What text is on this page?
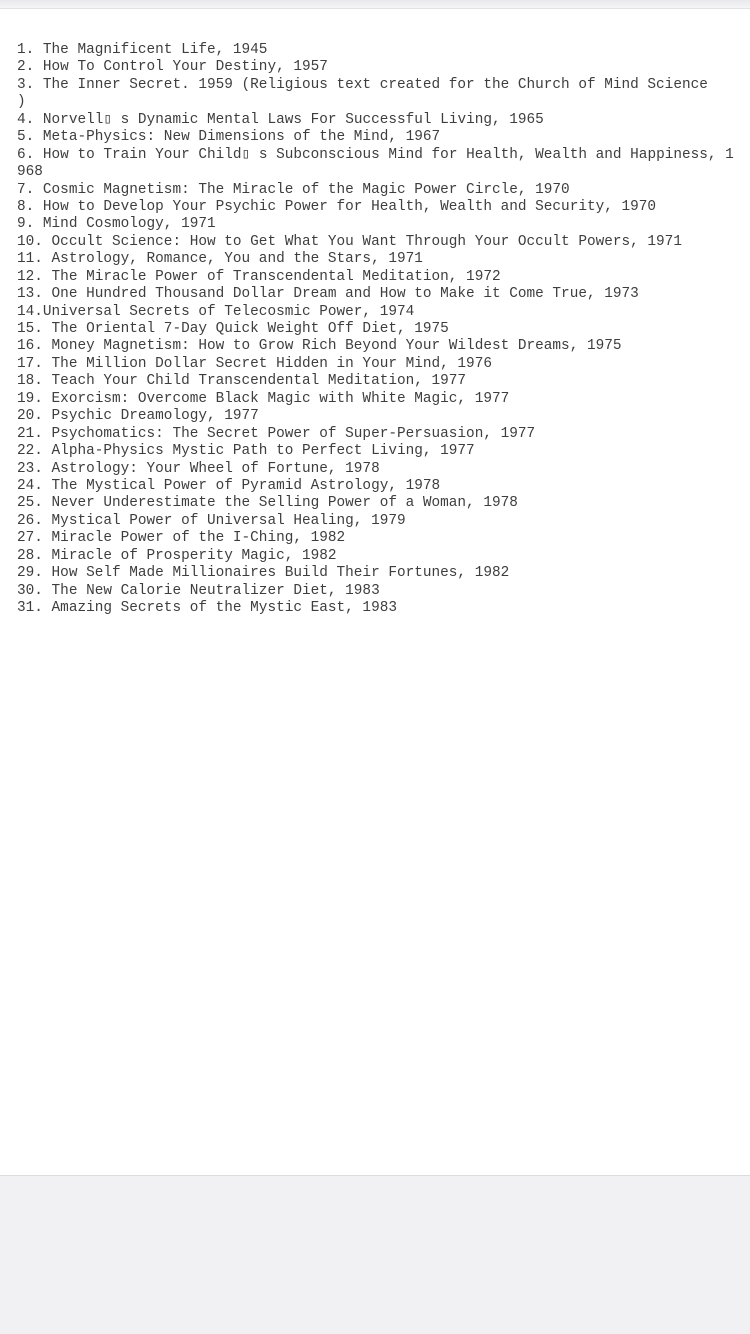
1. The Magnificent Life, 1945
2. How To Control Your Destiny, 1957
3. The Inner Secret. 1959 (Religious text created for the Church of Mind Science
)
4. Norvell▯ s Dynamic Mental Laws For Successful Living, 1965
5. Meta-Physics: New Dimensions of the Mind, 1967
6. How to Train Your Child▯ s Subconscious Mind for Health, Wealth and Happiness, 1
968
7. Cosmic Magnetism: The Miracle of the Magic Power Circle, 1970
8. How to Develop Your Psychic Power for Health, Wealth and Security, 1970
9. Mind Cosmology, 1971
10. Occult Science: How to Get What You Want Through Your Occult Powers, 1971
11. Astrology, Romance, You and the Stars, 1971
12. The Miracle Power of Transcendental Meditation, 1972
13. One Hundred Thousand Dollar Dream and How to Make it Come True, 1973
14.Universal Secrets of Telecosmic Power, 1974
15. The Oriental 7-Day Quick Weight Off Diet, 1975
16. Money Magnetism: How to Grow Rich Beyond Your Wildest Dreams, 1975
17. The Million Dollar Secret Hidden in Your Mind, 1976
18. Teach Your Child Transcendental Meditation, 1977
19. Exorcism: Overcome Black Magic with White Magic, 1977
20. Psychic Dreamology, 1977
21. Psychomatics: The Secret Power of Super-Persuasion, 1977
22. Alpha-Physics Mystic Path to Perfect Living, 1977
23. Astrology: Your Wheel of Fortune, 1978
24. The Mystical Power of Pyramid Astrology, 1978
25. Never Underestimate the Selling Power of a Woman, 1978
26. Mystical Power of Universal Healing, 1979
27. Miracle Power of the I-Ching, 1982
28. Miracle of Prosperity Magic, 1982
29. How Self Made Millionaires Build Their Fortunes, 1982
30. The New Calorie Neutralizer Diet, 1983
31. Amazing Secrets of the Mystic East, 1983
